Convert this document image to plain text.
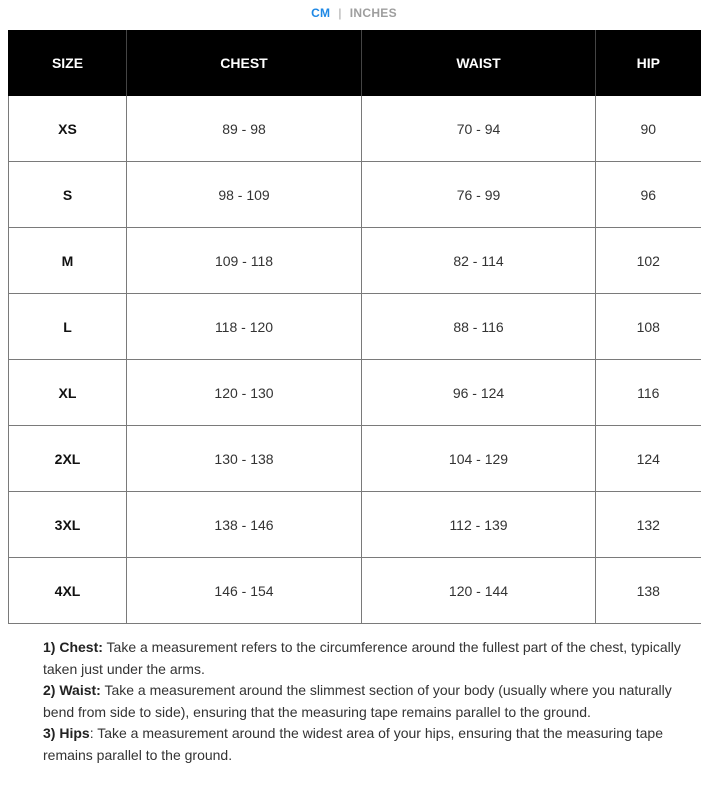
CM | INCHES
SIZE	CHEST	WAIST	HIP
XS	89 - 98	70 - 94	90
S	98 - 109	76 - 99	96
M	109 - 118	82 - 114	102
L	118 - 120	88 - 116	108
XL	120 - 130	96 - 124	116
2XL	130 - 138	104 - 129	124
3XL	138 - 146	112 - 139	132
4XL	146 - 154	120 - 144	138

1) Chest: Take a measurement refers to the circumference around the fullest part of the chest, typically taken just under the arms.

2) Waist: Take a measurement around the slimmest section of your body (usually where you naturally bend from side to side), ensuring that the measuring tape remains parallel to the ground.

3) Hips: Take a measurement around the widest area of your hips, ensuring that the measuring tape remains parallel to the ground.
